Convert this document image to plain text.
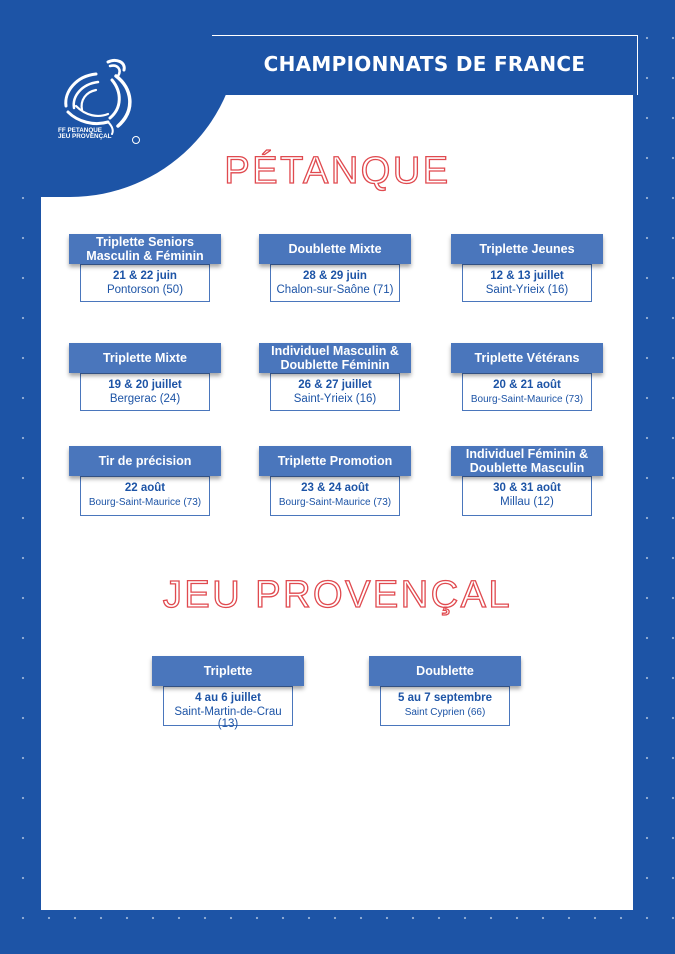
FF PETANQUE
JEU PROVENÇAL
CHAMPIONNATS DE FRANCE
PÉTANQUE
Triplette Seniors Masculin & Féminin
21 & 22 juin
Pontorson (50)
Doublette Mixte
28 & 29 juin
Chalon-sur-Saône (71)
Triplette Jeunes
12 & 13 juillet
Saint-Yrieix (16)
Triplette Mixte
19 & 20 juillet
Bergerac (24)
Individuel Masculin & Doublette Féminin
26 & 27 juillet
Saint-Yrieix (16)
Triplette Vétérans
20 & 21 août
Bourg-Saint-Maurice (73)
Tir de précision
22 août
Bourg-Saint-Maurice (73)
Triplette Promotion
23 & 24 août
Bourg-Saint-Maurice (73)
Individuel Féminin & Doublette Masculin
30 & 31 août
Millau (12)
JEU PROVENÇAL
Triplette
4 au 6 juillet
Saint-Martin-de-Crau (13)
Doublette
5 au 7 septembre
Saint Cyprien (66)
